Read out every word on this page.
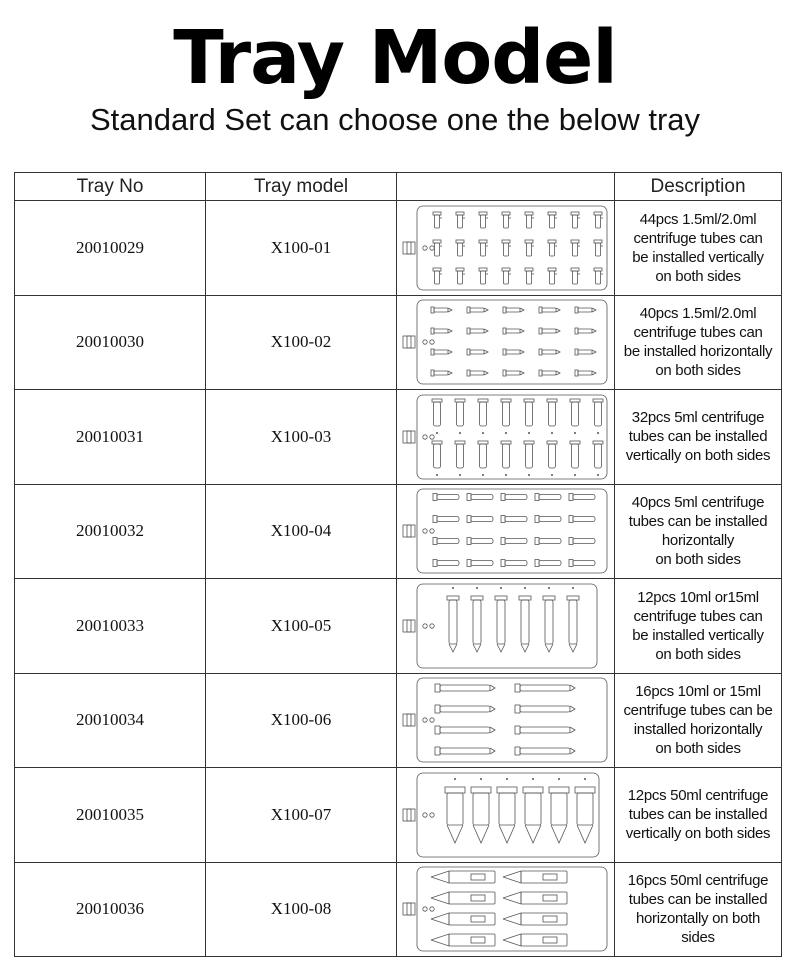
Tray Model
Standard Set can choose one the below tray
Tray No	Tray model		Description
20010029	X100-01		44pcs 1.5ml/2.0ml
centrifuge tubes can
be installed vertically
on both sides
20010030	X100-02		40pcs 1.5ml/2.0ml
centrifuge tubes can
be installed horizontally
on both sides
20010031	X100-03		32pcs 5ml centrifuge
tubes can be installed
vertically on both sides
20010032	X100-04		40pcs 5ml centrifuge
tubes can be installed
horizontally
on both sides
20010033	X100-05		12pcs 10ml or15ml
centrifuge tubes can
be installed vertically
on both sides
20010034	X100-06		16pcs 10ml or 15ml
centrifuge tubes can be
installed horizontally
on both sides
20010035	X100-07		12pcs 50ml centrifuge
tubes can be installed
vertically on both sides
20010036	X100-08		16pcs 50ml centrifuge
tubes can be installed
horizontally on both
sides
